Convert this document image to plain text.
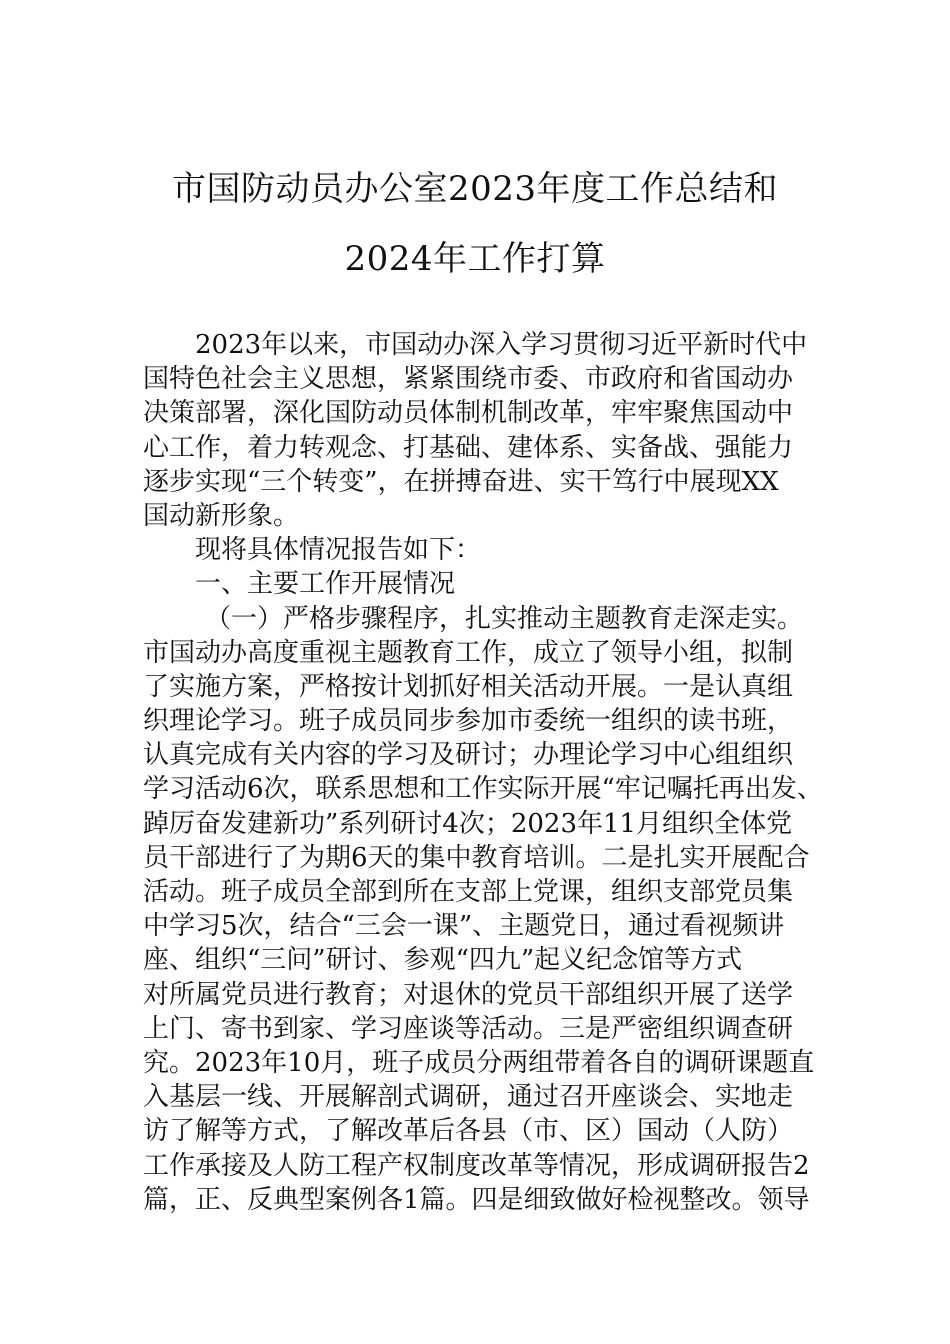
市国防动员办公室2023年度工作总结和
2024年工作打算
2023年以来，市国动办深入学习贯彻习近平新时代中
国特色社会主义思想，紧紧围绕市委、市政府和省国动办
决策部署，深化国防动员体制机制改革，牢牢聚焦国动中
心工作，着力转观念、打基础、建体系、实备战、强能力
逐步实现“三个转变”，在拼搏奋进、实干笃行中展现XX
国动新形象。
现将具体情况报告如下：
一、主要工作开展情况
（一）严格步骤程序，扎实推动主题教育走深走实。
市国动办高度重视主题教育工作，成立了领导小组，拟制
了实施方案，严格按计划抓好相关活动开展。一是认真组
织理论学习。班子成员同步参加市委统一组织的读书班，
认真完成有关内容的学习及研讨；办理论学习中心组组织
学习活动6次，联系思想和工作实际开展“牢记嘱托再出发、
踔厉奋发建新功”系列研讨4次；2023年11月组织全体党
员干部进行了为期6天的集中教育培训。二是扎实开展配合
活动。班子成员全部到所在支部上党课，组织支部党员集
中学习5次，结合“三会一课”、主题党日，通过看视频讲
座、组织“三问”研讨、参观“四九”起义纪念馆等方式
对所属党员进行教育；对退休的党员干部组织开展了送学
上门、寄书到家、学习座谈等活动。三是严密组织调查研
究。2023年10月，班子成员分两组带着各自的调研课题直
入基层一线、开展解剖式调研，通过召开座谈会、实地走
访了解等方式，了解改革后各县（市、区）国动（人防）
工作承接及人防工程产权制度改革等情况，形成调研报告2
篇，正、反典型案例各1篇。四是细致做好检视整改。领导
